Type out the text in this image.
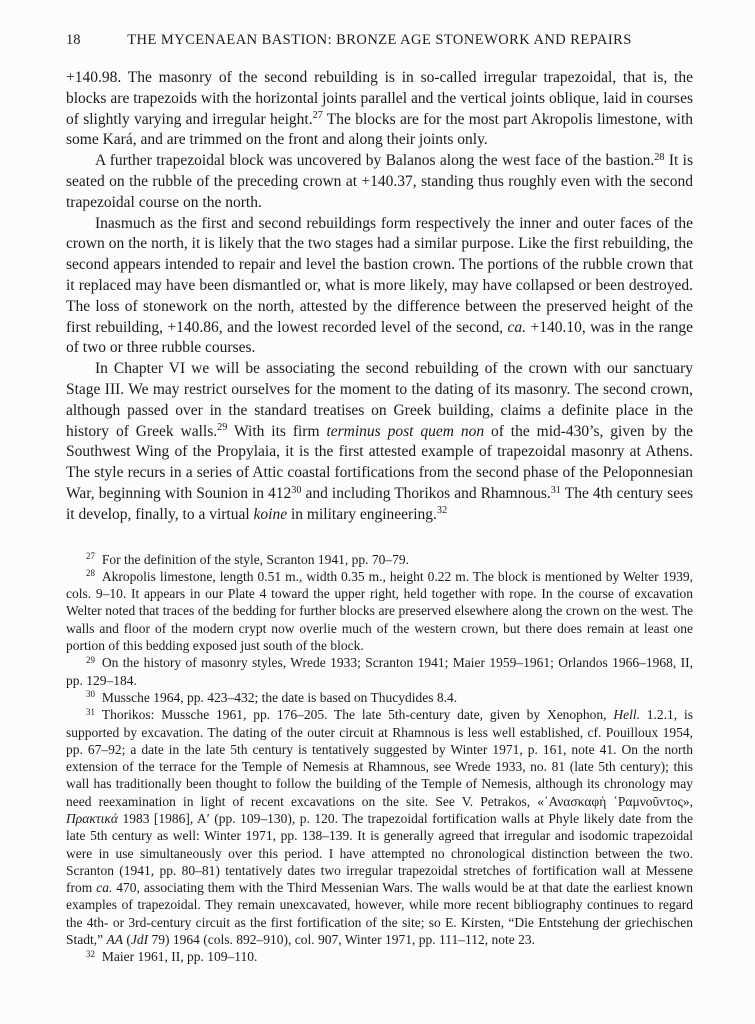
18	THE MYCENAEAN BASTION: BRONZE AGE STONEWORK AND REPAIRS

+140.98. The masonry of the second rebuilding is in so-called irregular trapezoidal, that is, the blocks are trapezoids with the horizontal joints parallel and the vertical joints oblique, laid in courses of slightly varying and irregular height.$^{27}$ The blocks are for the most part Akropolis limestone, with some Kará, and are trimmed on the front and along their joints only.

A further trapezoidal block was uncovered by Balanos along the west face of the bastion.$^{28}$ It is seated on the rubble of the preceding crown at +140.37, standing thus roughly even with the second trapezoidal course on the north.

Inasmuch as the first and second rebuildings form respectively the inner and outer faces of the crown on the north, it is likely that the two stages had a similar purpose. Like the first rebuilding, the second appears intended to repair and level the bastion crown. The portions of the rubble crown that it replaced may have been dismantled or, what is more likely, may have collapsed or been destroyed. The loss of stonework on the north, attested by the difference between the preserved height of the first rebuilding, +140.86, and the lowest recorded level of the second, ca. +140.10, was in the range of two or three rubble courses.

In Chapter VI we will be associating the second rebuilding of the crown with our sanctuary Stage III. We may restrict ourselves for the moment to the dating of its masonry. The second crown, although passed over in the standard treatises on Greek building, claims a definite place in the history of Greek walls.$^{29}$ With its firm terminus post quem non of the mid-430’s, given by the Southwest Wing of the Propylaia, it is the first attested example of trapezoidal masonry at Athens. The style recurs in a series of Attic coastal fortifications from the second phase of the Peloponnesian War, beginning with Sounion in 412$^{30}$ and including Thorikos and Rhamnous.$^{31}$ The 4th century sees it develop, finally, to a virtual koine in military engineering.$^{32}$

$^{27}$ For the definition of the style, Scranton 1941, pp. 70–79.

$^{28}$ Akropolis limestone, length 0.51 m., width 0.35 m., height 0.22 m. The block is mentioned by Welter 1939, cols. 9–10. It appears in our Plate 4 toward the upper right, held together with rope. In the course of excavation Welter noted that traces of the bedding for further blocks are preserved elsewhere along the crown on the west. The walls and floor of the modern crypt now overlie much of the western crown, but there does remain at least one portion of this bedding exposed just south of the block.

$^{29}$ On the history of masonry styles, Wrede 1933; Scranton 1941; Maier 1959–1961; Orlandos 1966–1968, II, pp. 129–184.

$^{30}$ Mussche 1964, pp. 423–432; the date is based on Thucydides 8.4.

$^{31}$ Thorikos: Mussche 1961, pp. 176–205. The late 5th-century date, given by Xenophon, Hell. 1.2.1, is supported by excavation. The dating of the outer circuit at Rhamnous is less well established, cf. Pouilloux 1954, pp. 67–92; a date in the late 5th century is tentatively suggested by Winter 1971, p. 161, note 41. On the north extension of the terrace for the Temple of Nemesis at Rhamnous, see Wrede 1933, no. 81 (late 5th century); this wall has traditionally been thought to follow the building of the Temple of Nemesis, although its chronology may need reexamination in light of recent excavations on the site. See V. Petrakos, «᾿Ανασκαφὴ ῾Ραμνοῦντος», Πρακτικά 1983 [1986], Α′ (pp. 109–130), p. 120. The trapezoidal fortification walls at Phyle likely date from the late 5th century as well: Winter 1971, pp. 138–139. It is generally agreed that irregular and isodomic trapezoidal were in use simultaneously over this period. I have attempted no chronological distinction between the two. Scranton (1941, pp. 80–81) tentatively dates two irregular trapezoidal stretches of fortification wall at Messene from ca. 470, associating them with the Third Messenian Wars. The walls would be at that date the earliest known examples of trapezoidal. They remain unexcavated, however, while more recent bibliography continues to regard the 4th- or 3rd-century circuit as the first fortification of the site; so E. Kirsten, “Die Entstehung der griechischen Stadt,” AA (JdI 79) 1964 (cols. 892–910), col. 907, Winter 1971, pp. 111–112, note 23.

$^{32}$ Maier 1961, II, pp. 109–110.
